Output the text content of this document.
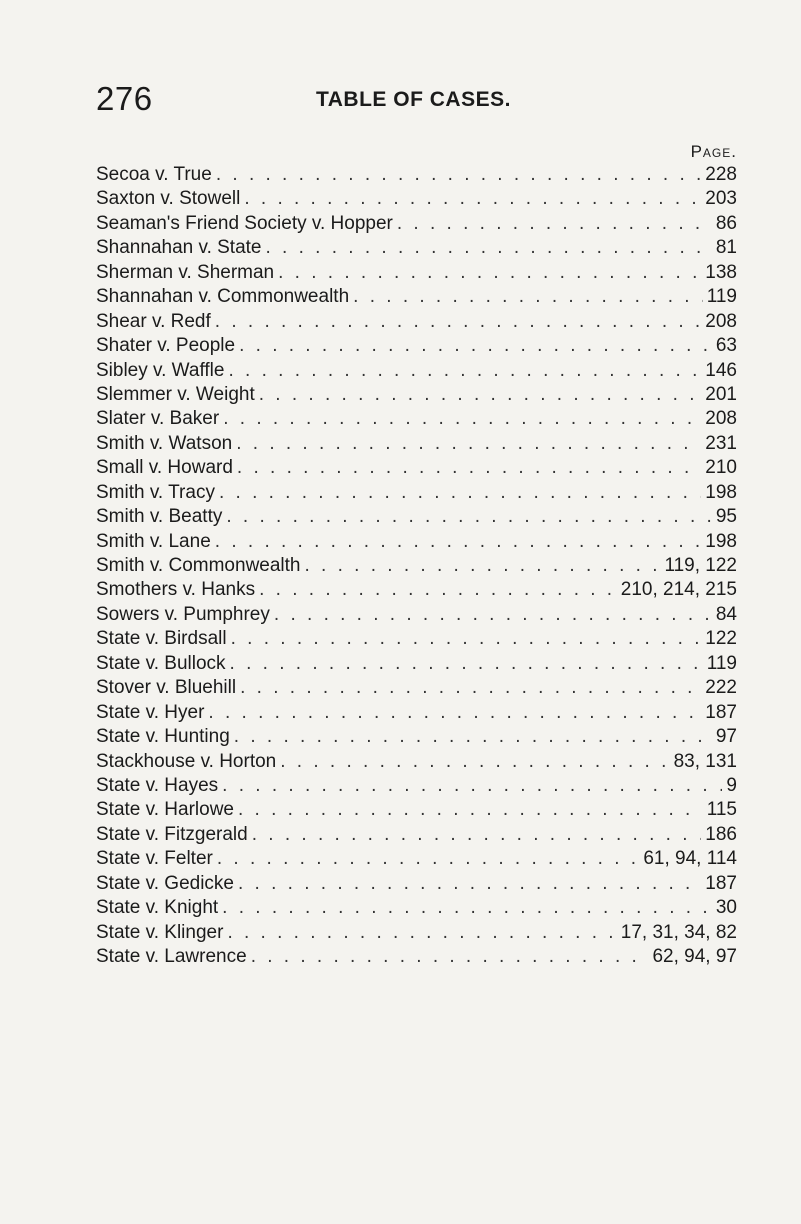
276	TABLE OF CASES.
Page.
Secoa v. True . . .	228
Saxton v. Stowell . . .	203
Seaman's Friend Society v. Hopper . . .	86
Shannahan v. State . . .	81
Sherman v. Sherman . . .	138
Shannahan v. Commonwealth . . .	119
Shear v. Redf . . .	208
Shater v. People . . .	63
Sibley v. Waffle . . .	146
Slemmer v. Weight . . .	201
Slater v. Baker . . .	208
Smith v. Watson . . .	231
Small v. Howard . . .	210
Smith v. Tracy . . .	198
Smith v. Beatty . . .	95
Smith v. Lane . . .	198
Smith v. Commonwealth . . .	119, 122
Smothers v. Hanks . . .	210, 214, 215
Sowers v. Pumphrey . . .	84
State v. Birdsall . . .	122
State v. Bullock . . .	119
Stover v. Bluehill . . .	222
State v. Hyer . . .	187
State v. Hunting . . .	97
Stackhouse v. Horton . . .	83, 131
State v. Hayes . . .	9
State v. Harlowe . . .	115
State v. Fitzgerald . . .	186
State v. Felter . . .	61, 94, 114
State v. Gedicke . . .	187
State v. Knight . . .	30
State v. Klinger . . .	17, 31, 34, 82
State v. Lawrence . . .	62, 94, 97
